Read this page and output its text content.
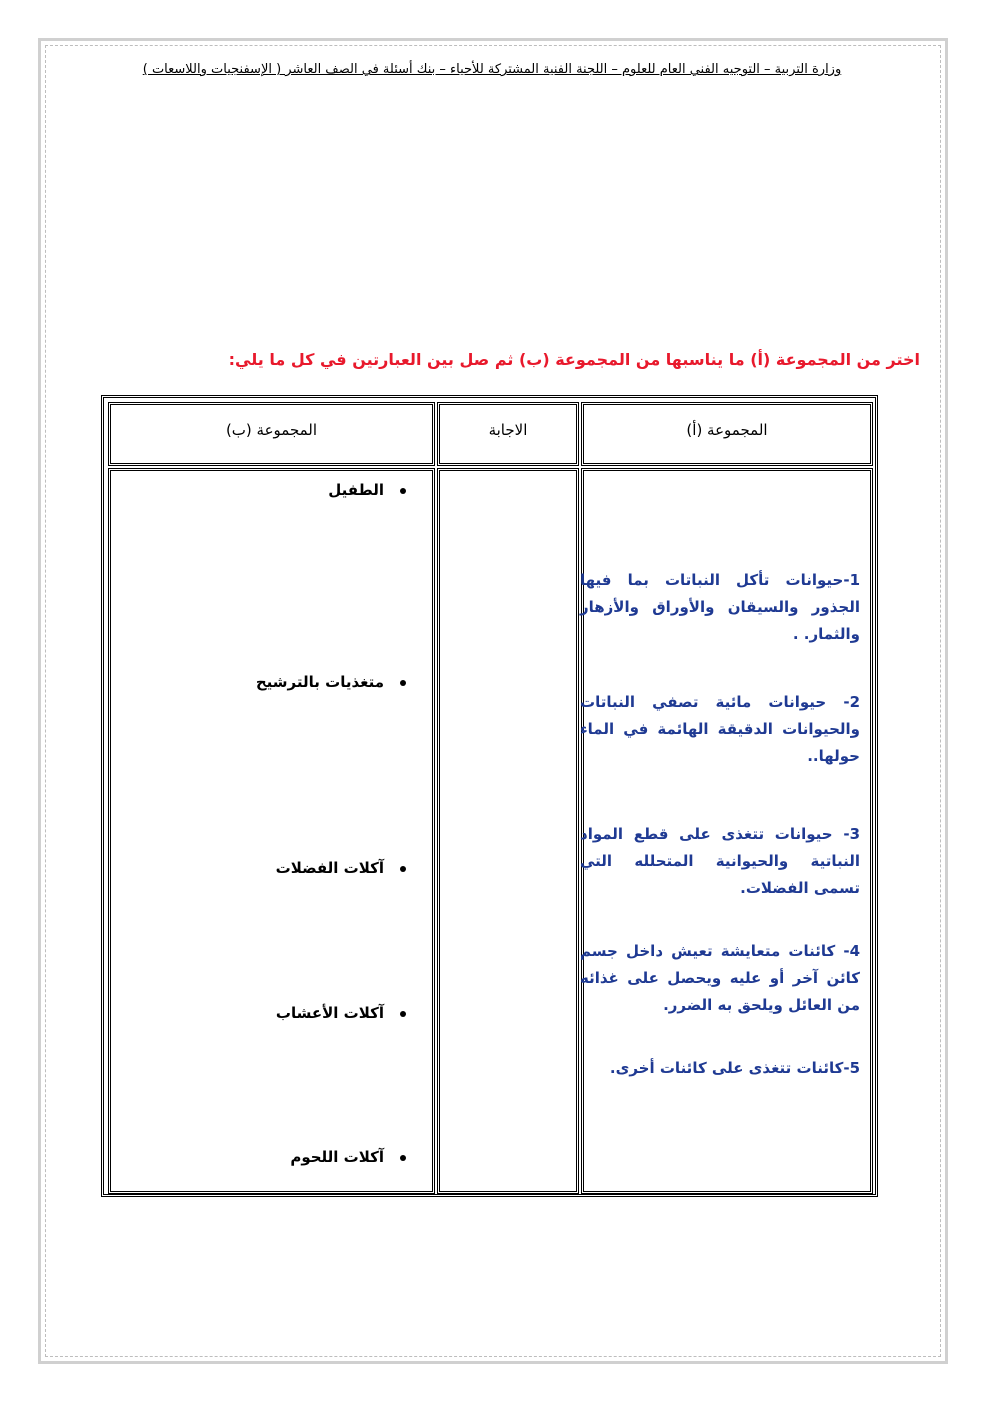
وزارة التربية – التوجيه الفني العام للعلوم – اللجنة الفنية المشتركة للأحياء – بنك أسئلة في الصف العاشر ( الإسفنجيات واللاسعات )
اختر من المجموعة (أ) ما يناسبها من المجموعة (ب) ثم صل بين العبارتين في كل ما يلي:
المجموعة (أ)
الاجابة
المجموعة (ب)
1-حيوانات تأكل النباتات بما فيها الجذور والسيقان والأوراق والأزهار والثمار. .
2- حيوانات مائية تصفي النباتات والحيوانات الدقيقة الهائمة في الماء حولها..
3- حيوانات تتغذى على قطع المواد النباتية والحيوانية المتحلله التي تسمى الفضلات.
4- كائنات متعايشة تعيش داخل جسم كائن آخر أو عليه ويحصل على غذائه من العائل ويلحق به الضرر.
5-كائنات تتغذى على كائنات أخرى.
الطفيل
متغذيات بالترشيح
آكلات الفضلات
آكلات الأعشاب
آكلات اللحوم
